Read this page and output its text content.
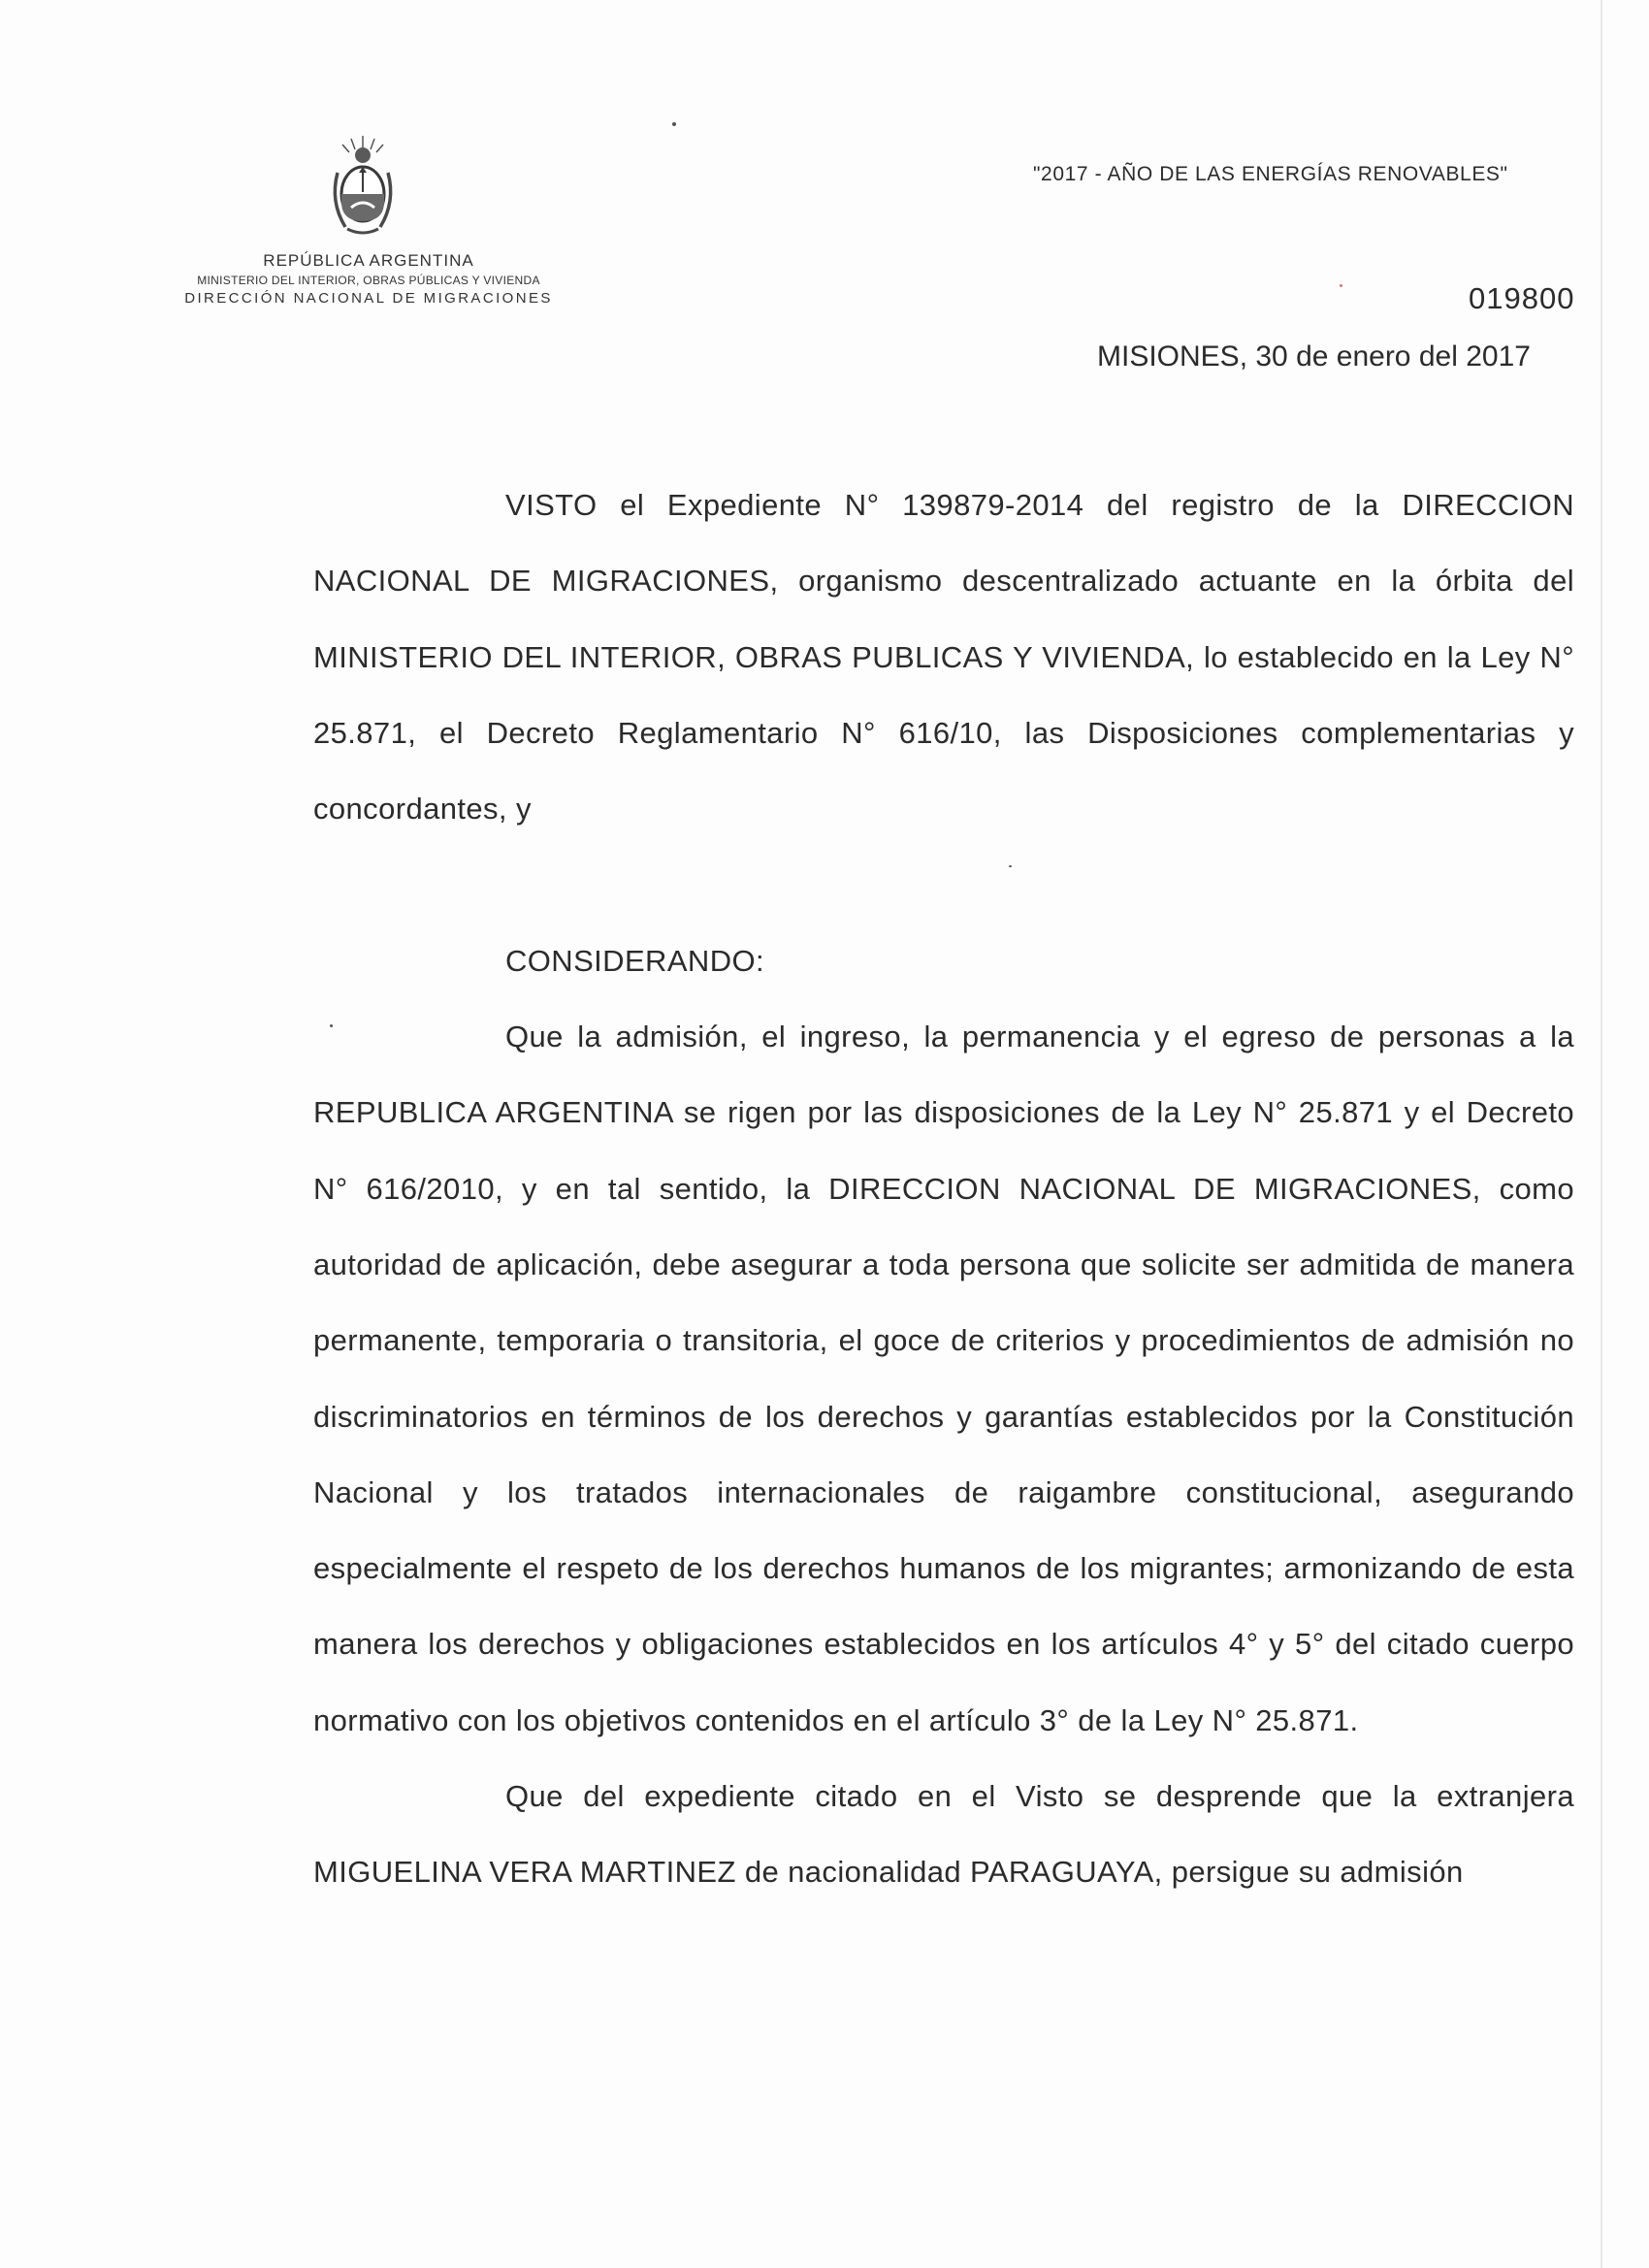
REPÚBLICA ARGENTINA
MINISTERIO DEL INTERIOR, OBRAS PÚBLICAS Y VIVIENDA
DIRECCIÓN NACIONAL DE MIGRACIONES
"2017 - AÑO DE LAS ENERGÍAS RENOVABLES"
019800
MISIONES, 30 de enero del 2017

VISTO el Expediente N° 139879-2014 del registro de la DIRECCION NACIONAL DE MIGRACIONES, organismo descentralizado actuante en la órbita del MINISTERIO DEL INTERIOR, OBRAS PUBLICAS Y VIVIENDA, lo establecido en la Ley N° 25.871, el Decreto Reglamentario N° 616/10, las Disposiciones complementarias y concordantes, y

CONSIDERANDO:

Que la admisión, el ingreso, la permanencia y el egreso de personas a la REPUBLICA ARGENTINA se rigen por las disposiciones de la Ley N° 25.871 y el Decreto N° 616/2010, y en tal sentido, la DIRECCION NACIONAL DE MIGRACIONES, como autoridad de aplicación, debe asegurar a toda persona que solicite ser admitida de manera permanente, temporaria o transitoria, el goce de criterios y procedimientos de admisión no discriminatorios en términos de los derechos y garantías establecidos por la Constitución Nacional y los tratados internacionales de raigambre constitucional, asegurando especialmente el respeto de los derechos humanos de los migrantes; armonizando de esta manera los derechos y obligaciones establecidos en los artículos 4° y 5° del citado cuerpo normativo con los objetivos contenidos en el artículo 3° de la Ley N° 25.871.

Que del expediente citado en el Visto se desprende que la extranjera MIGUELINA VERA MARTINEZ de nacionalidad PARAGUAYA, persigue su admisión
